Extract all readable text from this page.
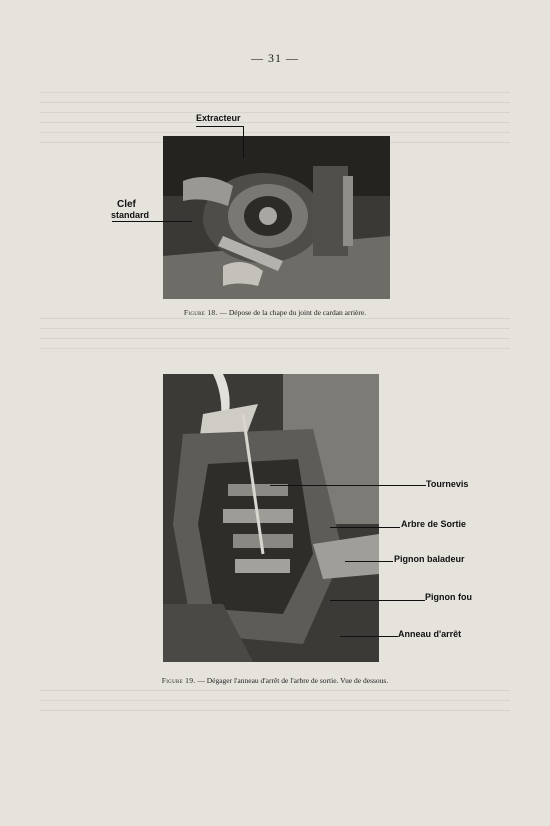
— 31 —
Extracteur
Clef
standard
Figure 18. — Dépose de la chape du joint de cardan arrière.
Tournevis
Arbre de Sortie
Pignon baladeur
Pignon fou
Anneau d'arrêt
Figure 19. — Dégager l'anneau d'arrêt de l'arbre de sortie. Vue de dessous.
